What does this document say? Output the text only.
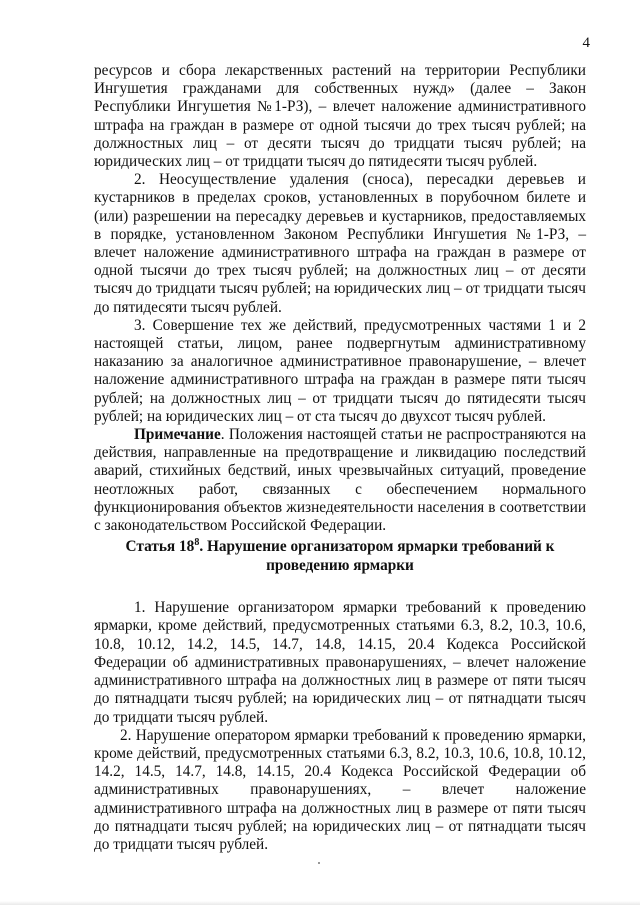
4

ресурсов и сбора лекарственных растений на территории Республики Ингушетия гражданами для собственных нужд» (далее – Закон Республики Ингушетия №1-РЗ), – влечет наложение административного штрафа на граждан в размере от одной тысячи до трех тысяч рублей; на должностных лиц – от десяти тысяч до тридцати тысяч рублей; на юридических лиц – от тридцати тысяч до пятидесяти тысяч рублей.

2. Неосуществление удаления (сноса), пересадки деревьев и кустарников в пределах сроков, установленных в порубочном билете и (или) разрешении на пересадку деревьев и кустарников, предоставляемых в порядке, установленном Законом Республики Ингушетия №1-РЗ, – влечет наложение административного штрафа на граждан в размере от одной тысячи до трех тысяч рублей; на должностных лиц – от десяти тысяч до тридцати тысяч рублей; на юридических лиц – от тридцати тысяч до пятидесяти тысяч рублей.

3. Совершение тех же действий, предусмотренных частями 1 и 2 настоящей статьи, лицом, ранее подвергнутым административному наказанию за аналогичное административное правонарушение, – влечет наложение административного штрафа на граждан в размере пяти тысяч рублей; на должностных лиц – от тридцати тысяч до пятидесяти тысяч рублей; на юридических лиц – от ста тысяч до двухсот тысяч рублей.

Примечание. Положения настоящей статьи не распространяются на действия, направленные на предотвращение и ликвидацию последствий аварий, стихийных бедствий, иных чрезвычайных ситуаций, проведение неотложных работ, связанных с обеспечением нормального функционирования объектов жизнедеятельности населения в соответствии с законодательством Российской Федерации.

Статья $18^8$. Нарушение организатором ярмарки требований к проведению ярмарки

1. Нарушение организатором ярмарки требований к проведению ярмарки, кроме действий, предусмотренных статьями 6.3, 8.2, 10.3, 10.6, 10.8, 10.12, 14.2, 14.5, 14.7, 14.8, 14.15, 20.4 Кодекса Российской Федерации об административных правонарушениях, – влечет наложение административного штрафа на должностных лиц в размере от пяти тысяч до пятнадцати тысяч рублей; на юридических лиц – от пятнадцати тысяч до тридцати тысяч рублей.

2. Нарушение оператором ярмарки требований к проведению ярмарки, кроме действий, предусмотренных статьями 6.3, 8.2, 10.3, 10.6, 10.8, 10.12, 14.2, 14.5, 14.7, 14.8, 14.15, 20.4 Кодекса Российской Федерации об административных правонарушениях, – влечет наложение административного штрафа на должностных лиц в размере от пяти тысяч до пятнадцати тысяч рублей; на юридических лиц – от пятнадцати тысяч до тридцати тысяч рублей.
